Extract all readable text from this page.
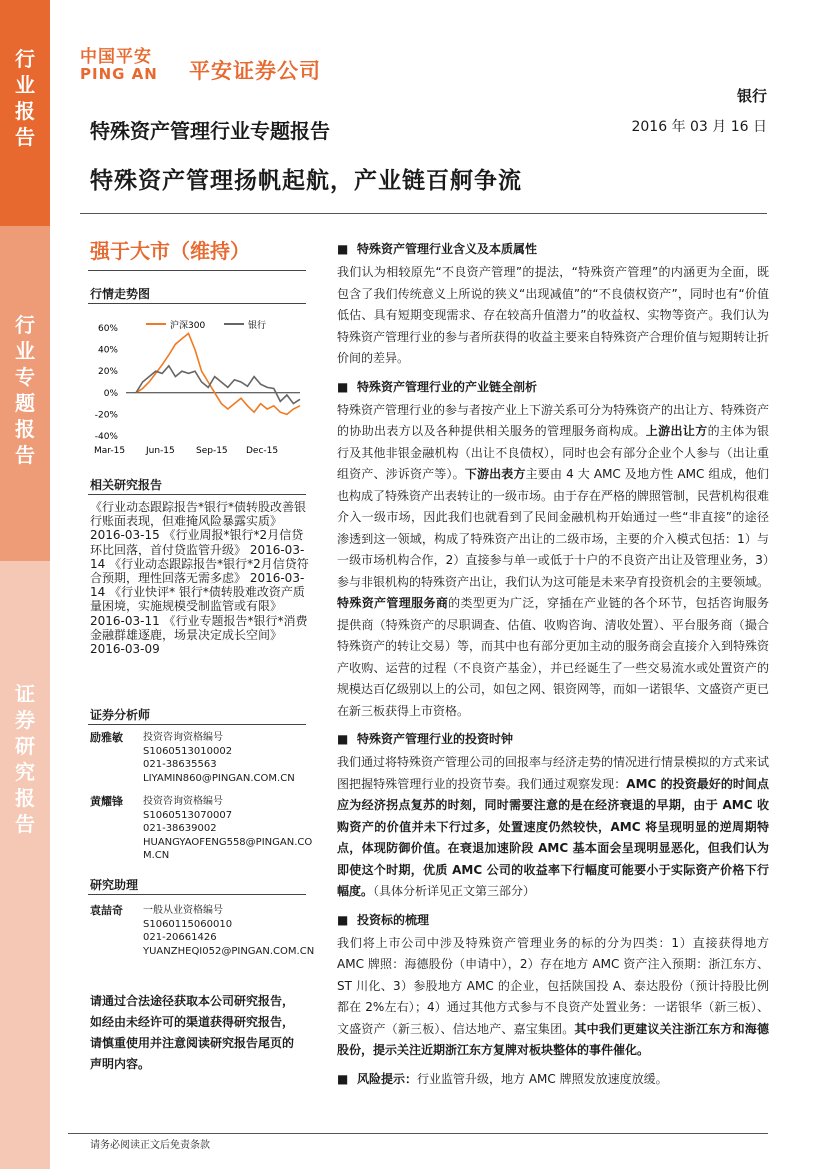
行
业
报
告
行
业
专
题
报
告
证
券
研
究
报
告
中国平安
PING AN 平安证券公司
银行
2016 年 03 月 16 日
特殊资产管理行业专题报告
特殊资产管理扬帆起航，产业链百舸争流
强于大市（维持）
行情走势图
60%
40%
20%
0%
-20%
-40%
Mar-15 Jun-15 Sep-15 Dec-15
沪深300	银行
相关研究报告
《行业动态跟踪报告*银行*债转股改善银行账面表现，但难掩风险暴露实质》 2016-03-15 《行业周报*银行*2月信贷环比回落，首付贷监管升级》 2016-03-14 《行业动态跟踪报告*银行*2月信贷符合预期，理性回落无需多虑》 2016-03-14 《行业快评* 银行*债转股难改资产质量困境，实施规模受制监管或有限》 2016-03-11 《行业专题报告*银行*消费金融群雄逐鹿，场景决定成长空间》 2016-03-09
证券分析师
励雅敏 投资咨询资格编号
S1060513010002
021-38635563
LIYAMIN860@PINGAN.COM.CN
黄耀锋 投资咨询资格编号
S1060513070007
021-38639002
HUANGYAOFENG558@PINGAN.CO
M.CN
研究助理
袁喆奇 一般从业资格编号
S1060115060010
021-20661426
YUANZHEQI052@PINGAN.COM.CN
请通过合法途径获取本公司研究报告，如经由未经许可的渠道获得研究报告，请慎重使用并注意阅读研究报告尾页的声明内容。
■ 特殊资产管理行业含义及本质属性
我们认为相较原先“不良资产管理”的提法，“特殊资产管理”的内涵更为全面，既包含了我们传统意义上所说的狭义“出现减值”的“不良债权资产”，同时也有“价值低估、具有短期变现需求、存在较高升值潜力”的收益权、实物等资产。我们认为特殊资产管理行业的参与者所获得的收益主要来自特殊资产合理价值与短期转让折价间的差异。
■ 特殊资产管理行业的产业链全剖析
特殊资产管理行业的参与者按产业上下游关系可分为特殊资产的出让方、特殊资产的协助出表方以及各种提供相关服务的管理服务商构成。上游出让方的主体为银行及其他非银金融机构（出让不良债权），同时也会有部分企业个人参与（出让重组资产、涉诉资产等）。下游出表方主要由 4 大 AMC 及地方性 AMC 组成，他们也构成了特殊资产出表转让的一级市场。由于存在严格的牌照管制，民营机构很难介入一级市场，因此我们也就看到了民间金融机构开始通过一些“非直接”的途径渗透到这一领域，构成了特殊资产出让的二级市场，主要的介入模式包括：1）与一级市场机构合作，2）直接参与单一或低于十户的不良资产出让及管理业务，3）参与非银机构的特殊资产出让，我们认为这可能是未来孕育投资机会的主要领域。特殊资产管理服务商的类型更为广泛，穿插在产业链的各个环节，包括咨询服务提供商（特殊资产的尽职调查、估值、收购咨询、清收处置）、平台服务商（撮合特殊资产的转让交易）等，而其中也有部分更加主动的服务商会直接介入到特殊资产收购、运营的过程（不良资产基金），并已经诞生了一些交易流水或处置资产的规模达百亿级别以上的公司，如包之网、银资网等，而如一诺银华、文盛资产更已在新三板获得上市资格。
■ 特殊资产管理行业的投资时钟
我们通过将特殊资产管理公司的回报率与经济走势的情况进行情景模拟的方式来试图把握特殊管理行业的投资节奏。我们通过观察发现：AMC 的投资最好的时间点应为经济拐点复苏的时刻，同时需要注意的是在经济衰退的早期，由于 AMC 收购资产的价值并未下行过多，处置速度仍然较快，AMC 将呈现明显的逆周期特点，体现防御价值。在衰退加速阶段 AMC 基本面会呈现明显恶化，但我们认为即使这个时期，优质 AMC 公司的收益率下行幅度可能要小于实际资产价格下行幅度。（具体分析详见正文第三部分）
■ 投资标的梳理
我们将上市公司中涉及特殊资产管理业务的标的分为四类：1）直接获得地方 AMC 牌照：海德股份（申请中），2）存在地方 AMC 资产注入预期：浙江东方、ST 川化、3）参股地方 AMC 的企业，包括陕国投 A、泰达股份（预计持股比例都在 2%左右）；4）通过其他方式参与不良资产处置业务：一诺银华（新三板）、文盛资产（新三板）、信达地产、嘉宝集团。其中我们更建议关注浙江东方和海德股份，提示关注近期浙江东方复牌对板块整体的事件催化。
■ 风险提示：行业监管升级，地方 AMC 牌照发放速度放缓。
请务必阅读正文后免责条款
